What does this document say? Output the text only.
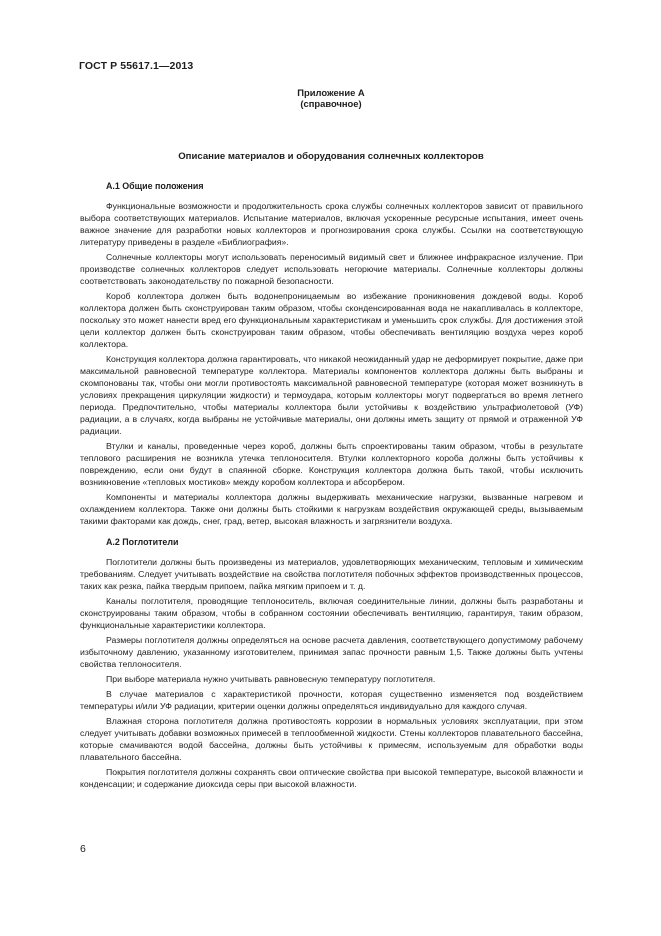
ГОСТ Р 55617.1—2013
Приложение А
(справочное)
Описание материалов и оборудования солнечных коллекторов
А.1 Общие положения

Функциональные возможности и продолжительность срока службы солнечных коллекторов зависит от правильного выбора соответствующих материалов. Испытание материалов, включая ускоренные ресурсные испытания, имеет очень важное значение для разработки новых коллекторов и прогнозирования срока службы. Ссылки на соответствующую литературу приведены в разделе «Библиография».

Солнечные коллекторы могут использовать переносимый видимый свет и ближнее инфракрасное излучение. При производстве солнечных коллекторов следует использовать негорючие материалы. Солнечные коллекторы должны соответствовать законодательству по пожарной безопасности.

Короб коллектора должен быть водонепроницаемым во избежание проникновения дождевой воды. Короб коллектора должен быть сконструирован таким образом, чтобы сконденсированная вода не накапливалась в коллекторе, поскольку это может нанести вред его функциональным характеристикам и уменьшить срок службы. Для достижения этой цели коллектор должен быть сконструирован таким образом, чтобы обеспечивать вентиляцию воздуха через короб коллектора.

Конструкция коллектора должна гарантировать, что никакой неожиданный удар не деформирует покрытие, даже при максимальной равновесной температуре коллектора. Материалы компонентов коллектора должны быть выбраны и скомпонованы так, чтобы они могли противостоять максимальной равновесной температуре (которая может возникнуть в условиях прекращения циркуляции жидкости) и термоудара, которым коллекторы могут подвергаться во время летнего периода. Предпочтительно, чтобы материалы коллектора были устойчивы к воздействию ультрафиолетовой (УФ) радиации, а в случаях, когда выбраны не устойчивые материалы, они должны иметь защиту от прямой и отраженной УФ радиации.

Втулки и каналы, проведенные через короб, должны быть спроектированы таким образом, чтобы в результате теплового расширения не возникла утечка теплоносителя. Втулки коллекторного короба должны быть устойчивы к повреждению, если они будут в спаянной сборке. Конструкция коллектора должна быть такой, чтобы исключить возникновение «тепловых мостиков» между коробом коллектора и абсорбером.

Компоненты и материалы коллектора должны выдерживать механические нагрузки, вызванные нагревом и охлаждением коллектора. Также они должны быть стойкими к нагрузкам воздействия окружающей среды, вызываемым такими факторами как дождь, снег, град, ветер, высокая влажность и загрязнители воздуха.

А.2 Поглотители

Поглотители должны быть произведены из материалов, удовлетворяющих механическим, тепловым и химическим требованиям. Следует учитывать воздействие на свойства поглотителя побочных эффектов производственных процессов, таких как резка, пайка твердым припоем, пайка мягким припоем и т. д.

Каналы поглотителя, проводящие теплоноситель, включая соединительные линии, должны быть разработаны и сконструированы таким образом, чтобы в собранном состоянии обеспечивать вентиляцию, гарантируя, таким образом, функциональные характеристики коллектора.

Размеры поглотителя должны определяться на основе расчета давления, соответствующего допустимому рабочему избыточному давлению, указанному изготовителем, принимая запас прочности равным 1,5. Также должны быть учтены свойства теплоносителя.

При выборе материала нужно учитывать равновесную температуру поглотителя.

В случае материалов с характеристикой прочности, которая существенно изменяется под воздействием температуры и/или УФ радиации, критерии оценки должны определяться индивидуально для каждого случая.

Влажная сторона поглотителя должна противостоять коррозии в нормальных условиях эксплуатации, при этом следует учитывать добавки возможных примесей в теплообменной жидкости. Стены коллекторов плавательного бассейна, которые смачиваются водой бассейна, должны быть устойчивы к примесям, используемым для обработки воды плавательного бассейна.

Покрытия поглотителя должны сохранять свои оптические свойства при высокой температуре, высокой влажности и конденсации; и содержание диоксида серы при высокой влажности.

6
